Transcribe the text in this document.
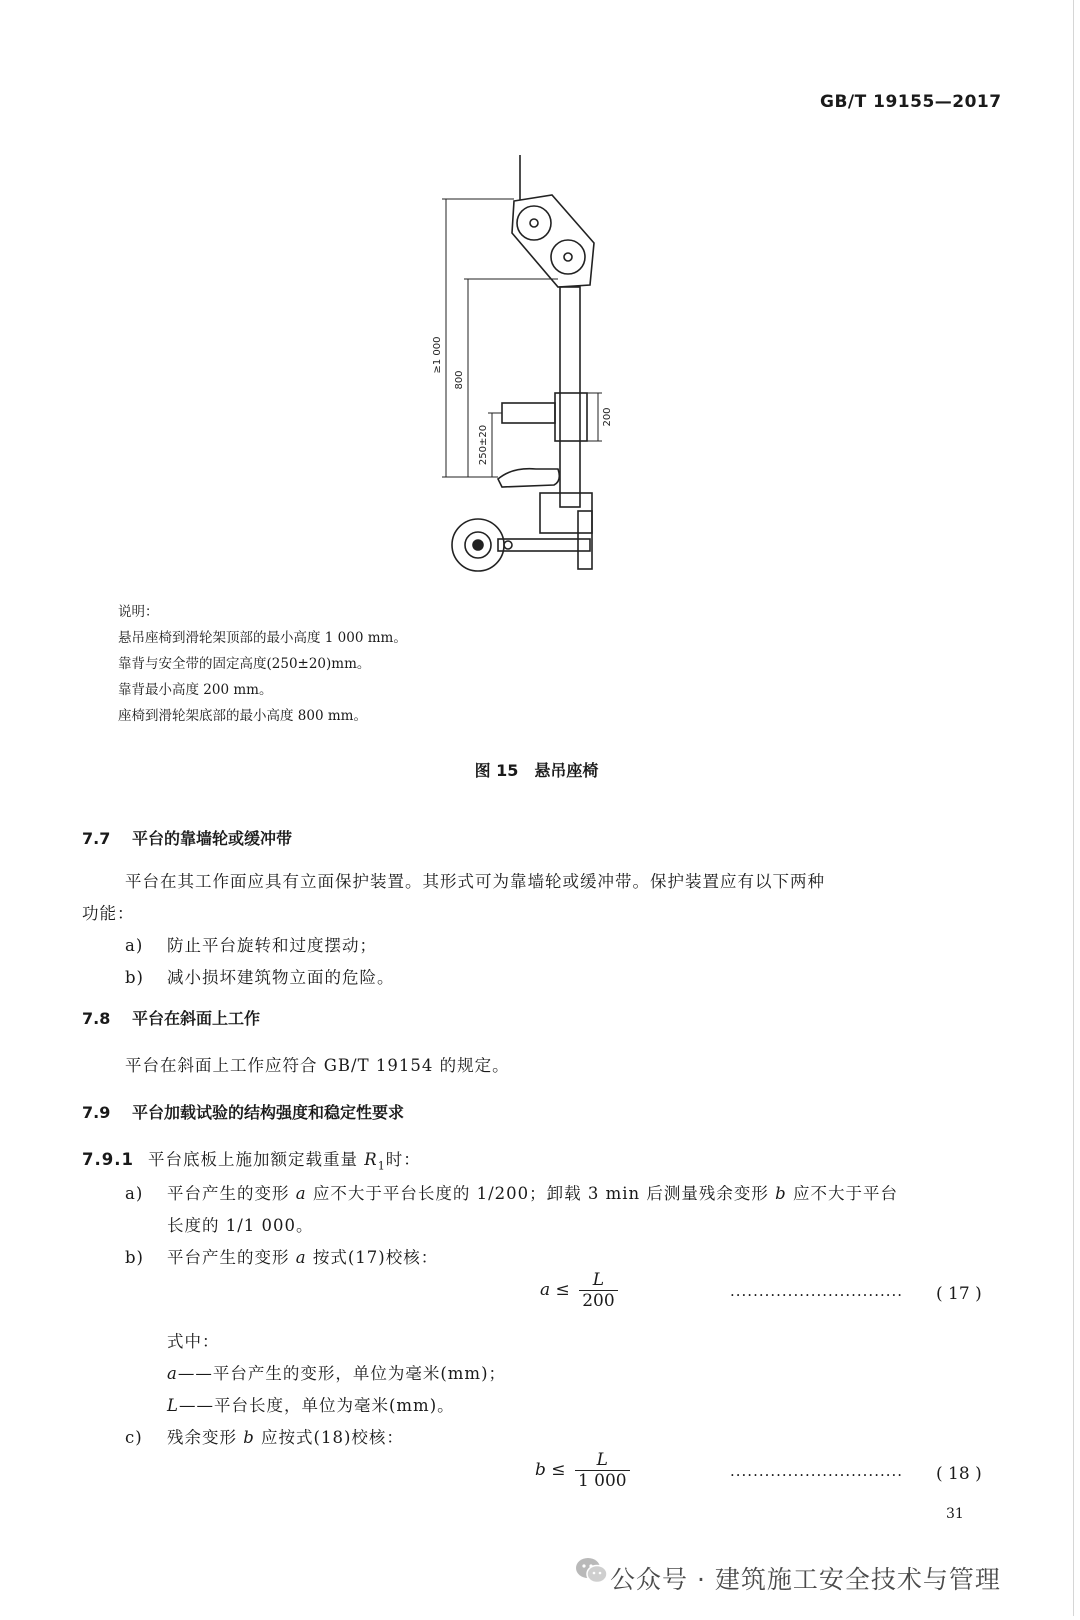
GB/T 19155—2017
≥1 000
800
250±20
200
说明：
悬吊座椅到滑轮架顶部的最小高度 1 000 mm。
靠背与安全带的固定高度(250±20)mm。
靠背最小高度 200 mm。
座椅到滑轮架底部的最小高度 800 mm。
图 15　悬吊座椅
7.7 平台的靠墙轮或缓冲带
平台在其工作面应具有立面保护装置。其形式可为靠墙轮或缓冲带。保护装置应有以下两种
功能：
a) 防止平台旋转和过度摆动；
b) 减小损坏建筑物立面的危险。
7.8 平台在斜面上工作
平台在斜面上工作应符合 GB/T 19154 的规定。
7.9 平台加载试验的结构强度和稳定性要求
7.9.1 平台底板上施加额定载重量 $R_1$时：
a) 平台产生的变形 a 应不大于平台长度的 1/200；卸载 3 min 后测量残余变形 b 应不大于平台
长度的 1/1 000。
b) 平台产生的变形 a 按式(17)校核：
$a \le \frac{L}{200}$	······························ ( 17 )
式中：
a——平台产生的变形，单位为毫米(mm)；
L——平台长度，单位为毫米(mm)。
c) 残余变形 b 应按式(18)校核：
$b \le \frac{L}{1 000}$	······························ ( 18 )
31
公众号 · 建筑施工安全技术与管理
